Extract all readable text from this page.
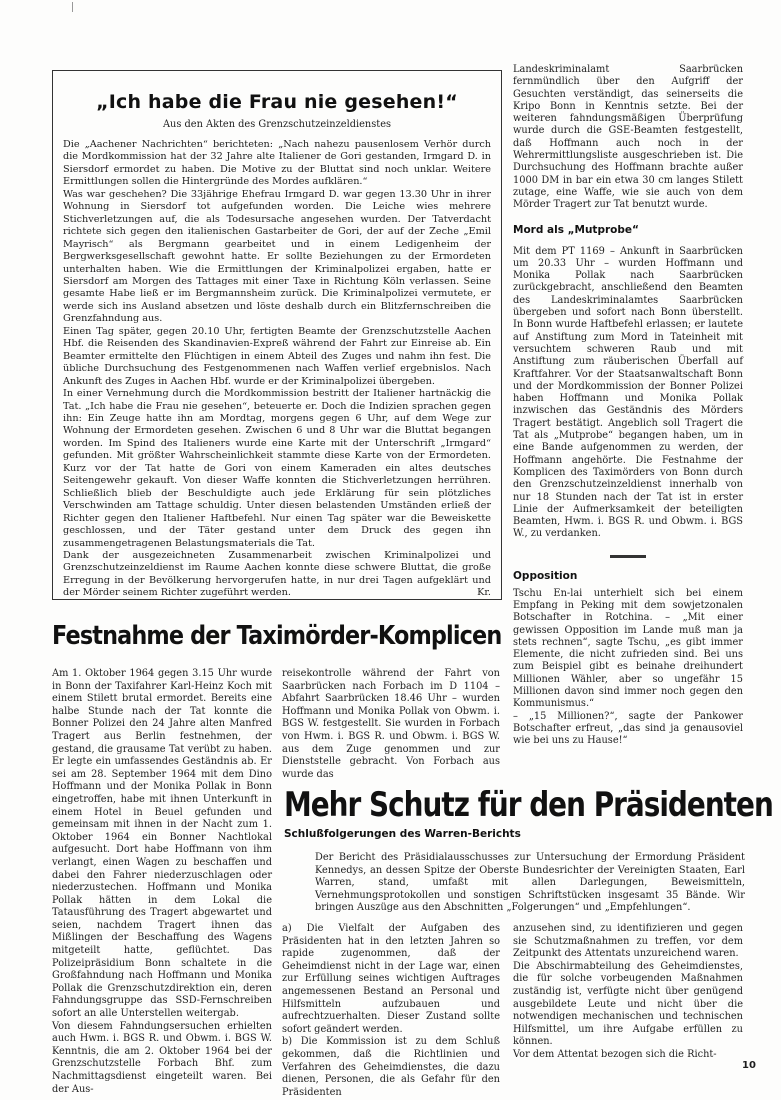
„Ich habe die Frau nie gesehen!“
Aus den Akten des Grenzschutzeinzeldienstes

Die „Aachener Nachrichten“ berichteten: „Nach nahezu pausenlosem Verhör durch die Mordkommission hat der 32 Jahre alte Italiener de Gori gestanden, Irmgard D. in Siersdorf ermordet zu haben. Die Motive zu der Bluttat sind noch unklar. Weitere Ermittlungen sollen die Hintergründe des Mordes aufklären.“

Was war geschehen? Die 33jährige Ehefrau Irmgard D. war gegen 13.30 Uhr in ihrer Wohnung in Siersdorf tot aufgefunden worden. Die Leiche wies mehrere Stichverletzungen auf, die als Todesursache angesehen wurden. Der Tatverdacht richtete sich gegen den italienischen Gastarbeiter de Gori, der auf der Zeche „Emil Mayrisch“ als Bergmann gearbeitet und in einem Ledigenheim der Bergwerksgesellschaft gewohnt hatte. Er sollte Beziehungen zu der Ermordeten unterhalten haben. Wie die Ermittlungen der Kriminalpolizei ergaben, hatte er Siersdorf am Morgen des Tattages mit einer Taxe in Richtung Köln verlassen. Seine gesamte Habe ließ er im Bergmannsheim zurück. Die Kriminalpolizei vermutete, er werde sich ins Ausland absetzen und löste deshalb durch ein Blitzfernschreiben die Grenzfahndung aus.

Einen Tag später, gegen 20.10 Uhr, fertigten Beamte der Grenzschutzstelle Aachen Hbf. die Reisenden des Skandinavien-Expreß während der Fahrt zur Einreise ab. Ein Beamter ermittelte den Flüchtigen in einem Abteil des Zuges und nahm ihn fest. Die übliche Durchsuchung des Festgenommenen nach Waffen verlief ergebnislos. Nach Ankunft des Zuges in Aachen Hbf. wurde er der Kriminalpolizei übergeben.

In einer Vernehmung durch die Mordkommission bestritt der Italiener hartnäckig die Tat. „Ich habe die Frau nie gesehen“, beteuerte er. Doch die Indizien sprachen gegen ihn: Ein Zeuge hatte ihn am Mordtag, morgens gegen 6 Uhr, auf dem Wege zur Wohnung der Ermordeten gesehen. Zwischen 6 und 8 Uhr war die Bluttat begangen worden. Im Spind des Italieners wurde eine Karte mit der Unterschrift „Irmgard“ gefunden. Mit größter Wahrscheinlichkeit stammte diese Karte von der Ermordeten. Kurz vor der Tat hatte de Gori von einem Kameraden ein altes deutsches Seitengewehr gekauft. Von dieser Waffe konnten die Stichverletzungen herrühren. Schließlich blieb der Beschuldigte auch jede Erklärung für sein plötzliches Verschwinden am Tattage schuldig. Unter diesen belastenden Umständen erließ der Richter gegen den Italiener Haftbefehl. Nur einen Tag später war die Beweiskette geschlossen, und der Täter gestand unter dem Druck des gegen ihn zusammengetragenen Belastungsmaterials die Tat.

Dank der ausgezeichneten Zusammenarbeit zwischen Kriminalpolizei und Grenzschutzeinzeldienst im Raume Aachen konnte diese schwere Bluttat, die große Erregung in der Bevölkerung hervorgerufen hatte, in nur drei Tagen aufgeklärt und der Mörder seinem Richter zugeführt werden.	Kr.

Landeskriminalamt Saarbrücken fernmündlich über den Aufgriff der Gesuchten verständigt, das seinerseits die Kripo Bonn in Kenntnis setzte. Bei der weiteren fahndungsmäßigen Überprüfung wurde durch die GSE-Beamten festgestellt, daß Hoffmann auch noch in der Wehrermittlungsliste ausgeschrieben ist. Die Durchsuchung des Hoffmann brachte außer 1000 DM in bar ein etwa 30 cm langes Stilett zutage, eine Waffe, wie sie auch von dem Mörder Tragert zur Tat benutzt wurde.

Mord als „Mutprobe“

Mit dem PT 1169 – Ankunft in Saarbrücken um 20.33 Uhr – wurden Hoffmann und Monika Pollak nach Saarbrücken zurückgebracht, anschließend den Beamten des Landeskriminalamtes Saarbrücken übergeben und sofort nach Bonn überstellt. In Bonn wurde Haftbefehl erlassen; er lautete auf Anstiftung zum Mord in Tateinheit mit versuchtem schweren Raub und mit Anstiftung zum räuberischen Überfall auf Kraftfahrer. Vor der Staatsanwaltschaft Bonn und der Mordkommission der Bonner Polizei haben Hoffmann und Monika Pollak inzwischen das Geständnis des Mörders Tragert bestätigt. Angeblich soll Tragert die Tat als „Mutprobe“ begangen haben, um in eine Bande aufgenommen zu werden, der Hoffmann angehörte. Die Festnahme der Komplicen des Taximörders von Bonn durch den Grenzschutzeinzeldienst innerhalb von nur 18 Stunden nach der Tat ist in erster Linie der Aufmerksamkeit der beteiligten Beamten, Hwm. i. BGS R. und Obwm. i. BGS W., zu verdanken.

Opposition

Tschu En-lai unterhielt sich bei einem Empfang in Peking mit dem sowjetzonalen Botschafter in Rotchina. – „Mit einer gewissen Opposition im Lande muß man ja stets rechnen“, sagte Tschu, „es gibt immer Elemente, die nicht zufrieden sind. Bei uns zum Beispiel gibt es beinahe dreihundert Millionen Wähler, aber so ungefähr 15 Millionen davon sind immer noch gegen den Kommunismus.“

– „15 Millionen?“, sagte der Pankower Botschafter erfreut, „das sind ja genausoviel wie bei uns zu Hause!“

Festnahme der Taximörder-Komplicen

Am 1. Oktober 1964 gegen 3.15 Uhr wurde in Bonn der Taxifahrer Karl-Heinz Koch mit einem Stilett brutal ermordet. Bereits eine halbe Stunde nach der Tat konnte die Bonner Polizei den 24 Jahre alten Manfred Tragert aus Berlin festnehmen, der gestand, die grausame Tat verübt zu haben. Er legte ein umfassendes Geständnis ab. Er sei am 28. September 1964 mit dem Dino Hoffmann und der Monika Pollak in Bonn eingetroffen, habe mit ihnen Unterkunft in einem Hotel in Beuel gefunden und gemeinsam mit ihnen in der Nacht zum 1. Oktober 1964 ein Bonner Nachtlokal aufgesucht. Dort habe Hoffmann von ihm verlangt, einen Wagen zu beschaffen und dabei den Fahrer niederzuschlagen oder niederzustechen. Hoffmann und Monika Pollak hätten in dem Lokal die Tatausführung des Tragert abgewartet und seien, nachdem Tragert ihnen das Mißlingen der Beschaffung des Wagens mitgeteilt hatte, geflüchtet. Das Polizeipräsidium Bonn schaltete in die Großfahndung nach Hoffmann und Monika Pollak die Grenzschutzdirektion ein, deren Fahndungsgruppe das SSD-Fernschreiben sofort an alle Unterstellen weitergab.

Von diesem Fahndungsersuchen erhielten auch Hwm. i. BGS R. und Obwm. i. BGS W. Kenntnis, die am 2. Oktober 1964 bei der Grenzschutzstelle Forbach Bhf. zum Nachmittagsdienst eingeteilt waren. Bei der Aus-

reisekontrolle während der Fahrt von Saarbrücken nach Forbach im D 1104 – Abfahrt Saarbrücken 18.46 Uhr – wurden Hoffmann und Monika Pollak von Obwm. i. BGS W. festgestellt. Sie wurden in Forbach von Hwm. i. BGS R. und Obwm. i. BGS W. aus dem Zuge genommen und zur Dienststelle gebracht. Von Forbach aus wurde das

Mehr Schutz für den Präsidenten
Schlußfolgerungen des Warren-Berichts

Der Bericht des Präsidialausschusses zur Untersuchung der Ermordung Präsident Kennedys, an dessen Spitze der Oberste Bundesrichter der Vereinigten Staaten, Earl Warren, stand, umfaßt mit allen Darlegungen, Beweismitteln, Vernehmungsprotokollen und sonstigen Schriftstücken insgesamt 35 Bände. Wir bringen Auszüge aus den Abschnitten „Folgerungen“ und „Empfehlungen“.

a) Die Vielfalt der Aufgaben des Präsidenten hat in den letzten Jahren so rapide zugenommen, daß der Geheimdienst nicht in der Lage war, einen zur Erfüllung seines wichtigen Auftrages angemessenen Bestand an Personal und Hilfsmitteln aufzubauen und aufrechtzuerhalten. Dieser Zustand sollte sofort geändert werden.

b) Die Kommission ist zu dem Schluß gekommen, daß die Richtlinien und Verfahren des Geheimdienstes, die dazu dienen, Personen, die als Gefahr für den Präsidenten

anzusehen sind, zu identifizieren und gegen sie Schutzmaßnahmen zu treffen, vor dem Zeitpunkt des Attentats unzureichend waren.

Die Abschirmabteilung des Geheimdienstes, die für solche vorbeugenden Maßnahmen zuständig ist, verfügte nicht über genügend ausgebildete Leute und nicht über die notwendigen mechanischen und technischen Hilfsmittel, um ihre Aufgabe erfüllen zu können.

Vor dem Attentat bezogen sich die Richt-

10
